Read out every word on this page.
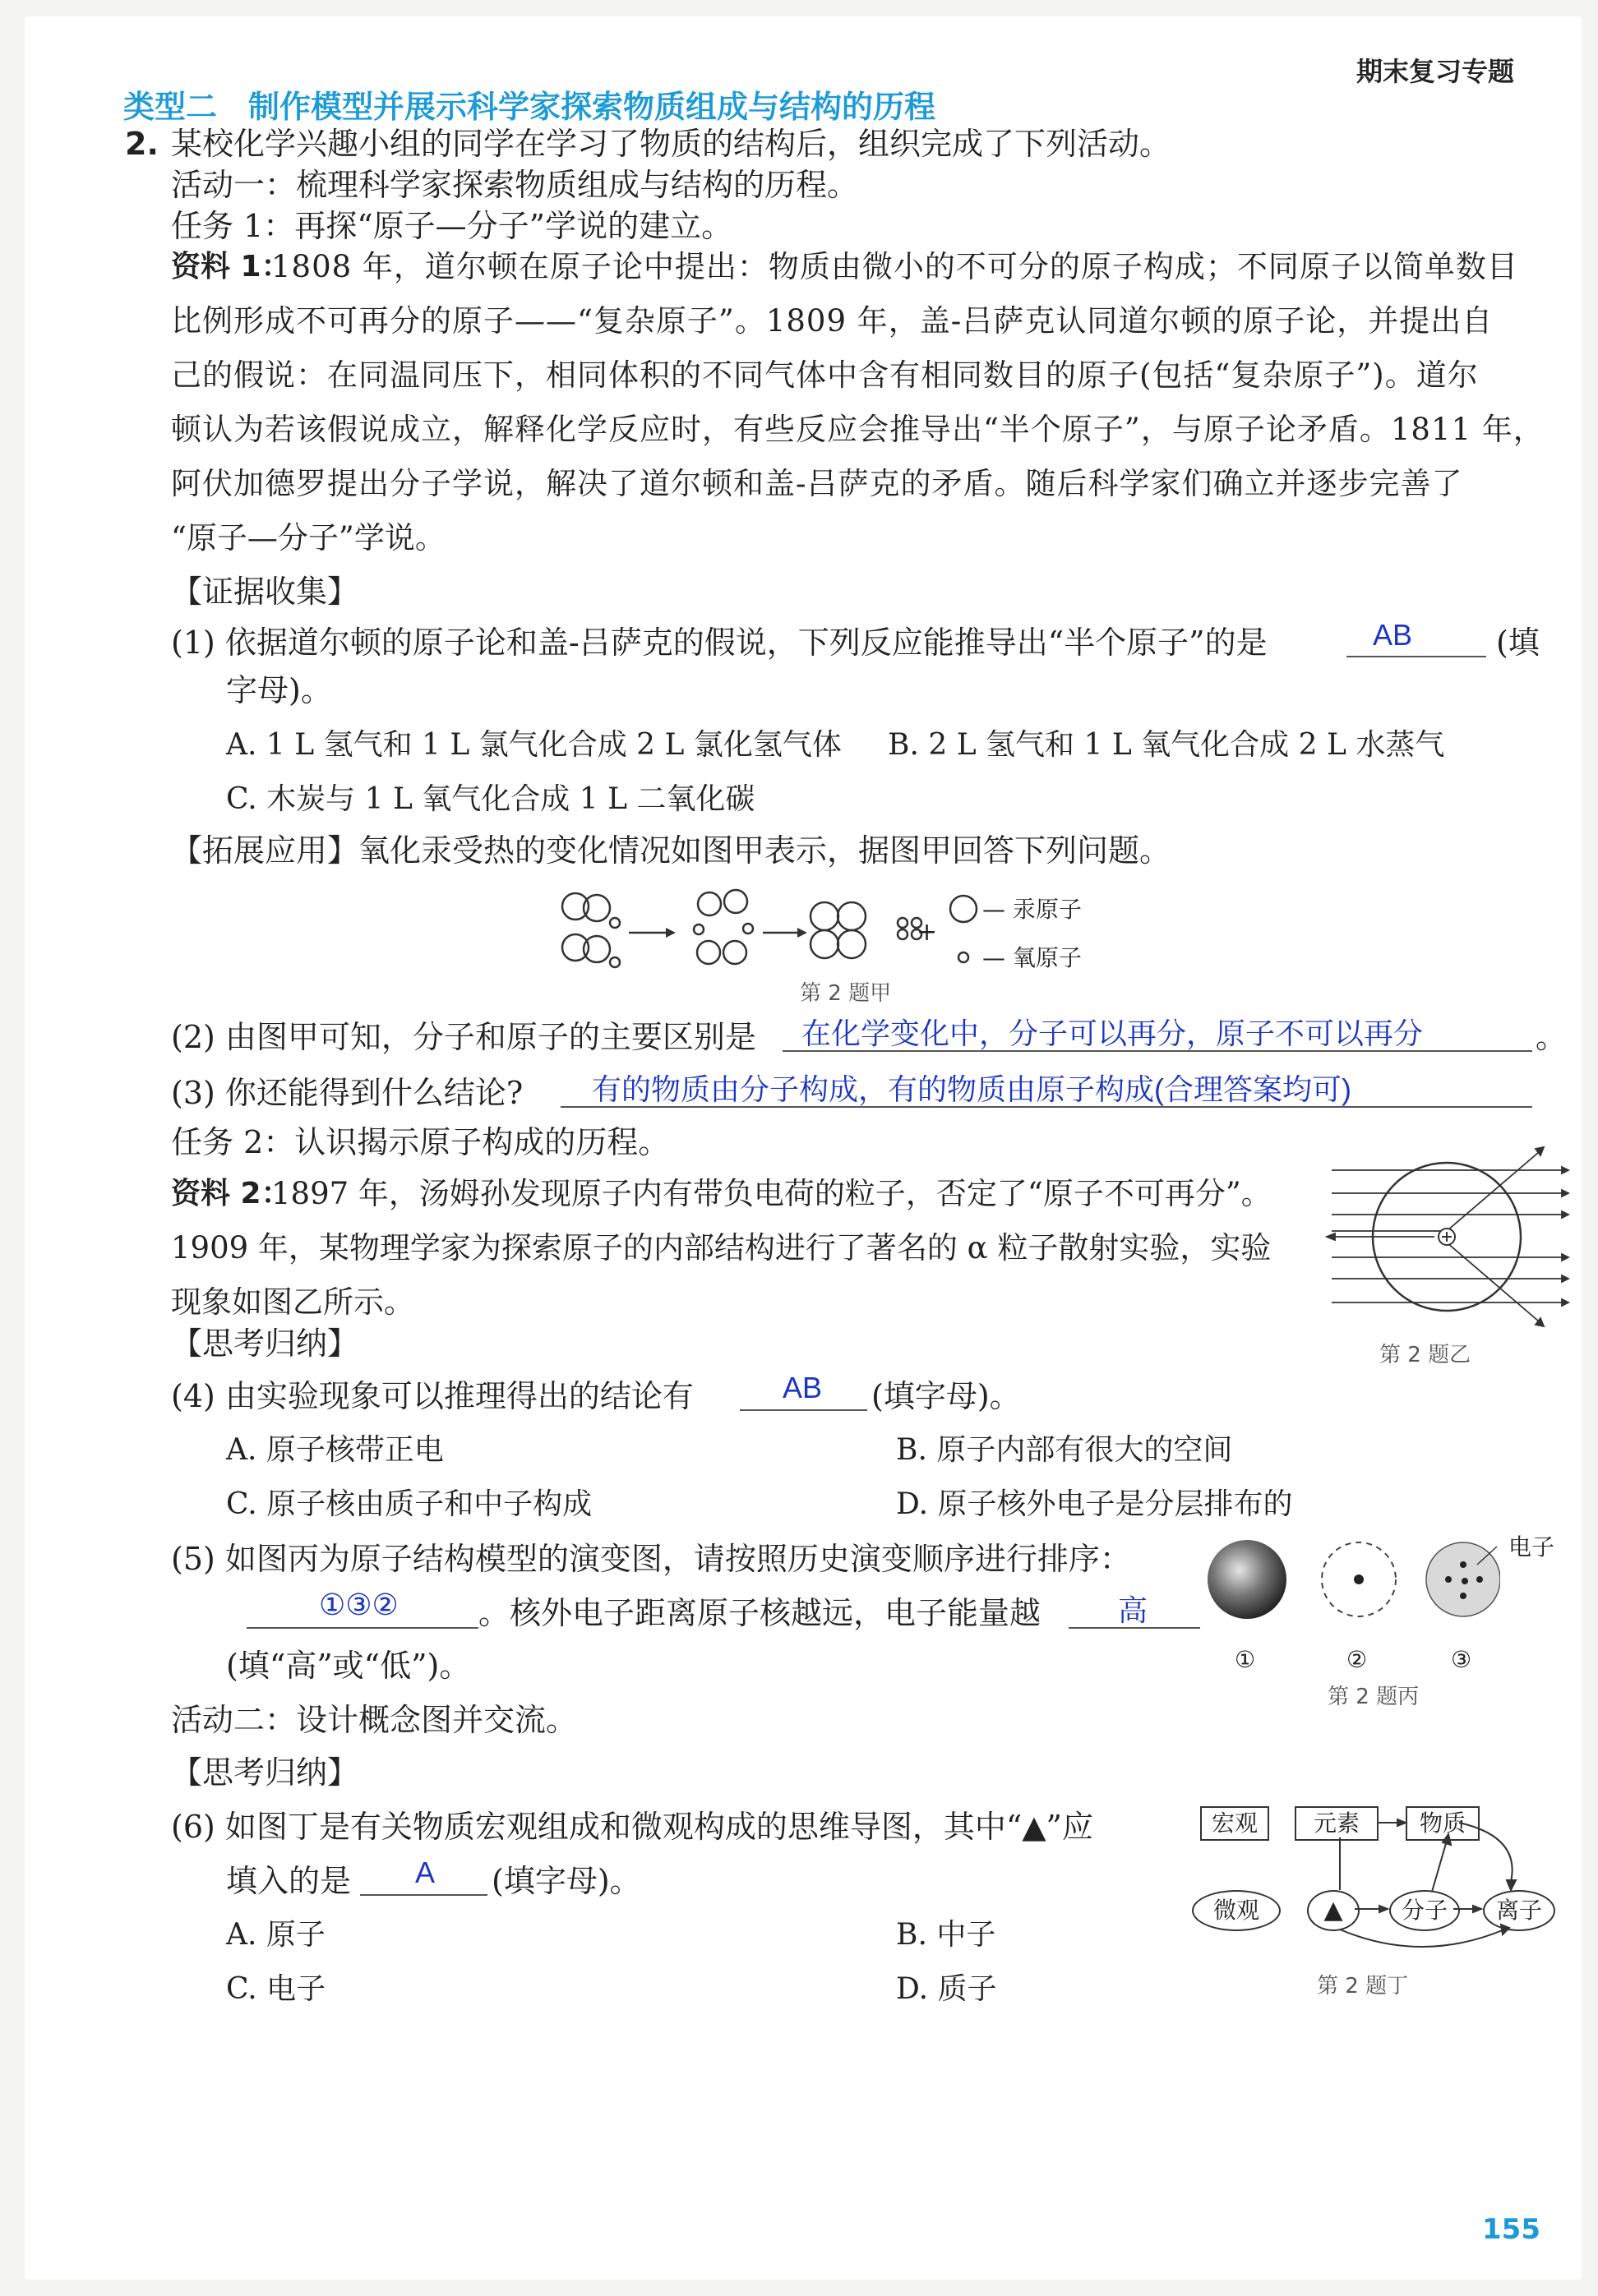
期末复习专题
类型二　制作模型并展示科学家探索物质组成与结构的历程
2. 某校化学兴趣小组的同学在学习了物质的结构后，组织完成了下列活动。
活动一：梳理科学家探索物质组成与结构的历程。
任务 1：再探“原子—分子”学说的建立。
资料 1：
1808 年，道尔顿在原子论中提出：物质由微小的不可分的原子构成；不同原子以简单数目
比例形成不可再分的原子——“复杂原子”。1809 年，盖-吕萨克认同道尔顿的原子论，并提出自
己的假说：在同温同压下，相同体积的不同气体中含有相同数目的原子(包括“复杂原子”)。道尔
顿认为若该假说成立，解释化学反应时，有些反应会推导出“半个原子”，与原子论矛盾。1811 年，
阿伏加德罗提出分子学说，解决了道尔顿和盖-吕萨克的矛盾。随后科学家们确立并逐步完善了
“原子—分子”学说。
【证据收集】
(1) 依据道尔顿的原子论和盖-吕萨克的假说，下列反应能推导出“半个原子”的是	AB	(填
字母)。
A. 1 L 氢气和 1 L 氯气化合成 2 L 氯化氢气体 B. 2 L 氢气和 1 L 氧气化合成 2 L 水蒸气
C. 木炭与 1 L 氧气化合成 1 L 二氧化碳
【拓展应用】氧化汞受热的变化情况如图甲表示，据图甲回答下列问题。
+
— 汞原子
— 氧原子
第 2 题甲
(2) 由图甲可知，分子和原子的主要区别是 在化学变化中，分子可以再分，原子不可以再分	。
(3) 你还能得到什么结论? 有的物质由分子构成，有的物质由原子构成(合理答案均可)
任务 2：认识揭示原子构成的历程。
资料 2：
1897 年，汤姆孙发现原子内有带负电荷的粒子，否定了“原子不可再分”。
1909 年，某物理学家为探索原子的内部结构进行了著名的 α 粒子散射实验，实验
现象如图乙所示。
第 2 题乙
【思考归纳】
(4) 由实验现象可以推理得出的结论有	AB (填字母)。
A. 原子核带正电	B. 原子内部有很大的空间
C. 原子核由质子和中子构成	D. 原子核外电子是分层排布的
(5) 如图丙为原子结构模型的演变图，请按照历史演变顺序进行排序：
①③②	。核外电子距离原子核越远，电子能量越	高
(填“高”或“低”)。
电子
①	②	③
第 2 题丙
活动二：设计概念图并交流。
【思考归纳】
(6) 如图丁是有关物质宏观组成和微观构成的思维导图，其中“▲”应
填入的是 A (填字母)。
A. 原子	B. 中子
C. 电子	D. 质子
宏观	元素	物质
微观	▲	分子	离子
第 2 题丁
155
